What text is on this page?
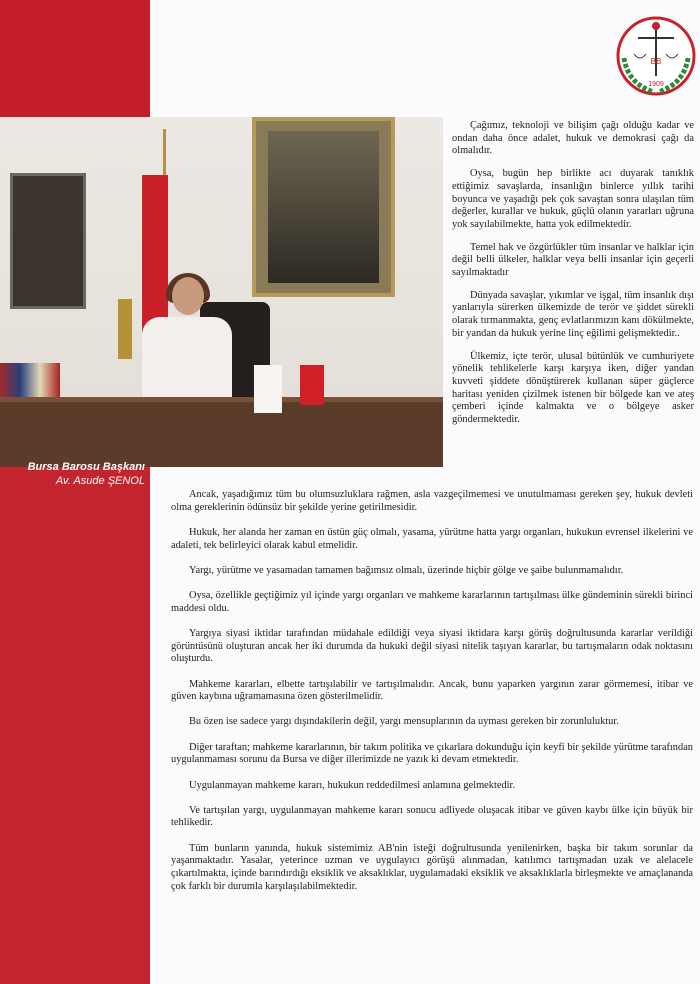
BB
1909

Çağımız, teknoloji ve bilişim çağı olduğu kadar ve ondan daha önce adalet, hukuk ve demokrasi çağı da olmalıdır.

Oysa, bugün hep birlikte acı duyarak tanıklık ettiğimiz savaşlarda, insanlığın binlerce yıllık tarihi boyunca ve yaşadığı pek çok savaştan sonra ulaşılan tüm değerler, kurallar ve hukuk, güçlü olanın yararları uğruna yok sayılabilmekte, hatta yok edilmektedir.

Temel hak ve özgürlükler tüm insanlar ve halklar için değil belli ülkeler, halklar veya belli insanlar için geçerli sayılmaktadır

Dünyada savaşlar, yıkımlar ve işgal, tüm insanlık dışı yanlarıyla sürerken ülkemizde de terör ve şiddet sürekli olarak tırmanmakta, genç evlatlarımızın kanı dökülmekte, bir yandan da hukuk yerine linç eğilimi gelişmektedir..

Ülkemiz, içte terör, ulusal bütünlük ve cumhuriyete yönelik tehlikelerle karşı karşıya iken, diğer yandan kuvveti şiddete dönüştürerek kullanan süper güçlerce haritası yeniden çizilmek istenen bir bölgede kan ve ateş çemberi içinde kalmakta ve o bölgeye asker göndermektedir.

Bursa Barosu Başkanı
Av. Asude ŞENOL

Ancak, yaşadığımız tüm bu olumsuzluklara rağmen, asla vazgeçilmemesi ve unutulmaması gereken şey, hukuk devleti olma gereklerinin ödünsüz bir şekilde yerine getirilmesidir.

Hukuk, her alanda her zaman en üstün güç olmalı, yasama, yürütme hatta yargı organları, hukukun evrensel ilkelerini ve adaleti, tek belirleyici olarak kabul etmelidir.

Yargı, yürütme ve yasamadan tamamen bağımsız olmalı, üzerinde hiçbir gölge ve şaibe bulunmamalıdır.

Oysa, özellikle geçtiğimiz yıl içinde yargı organları ve mahkeme kararlarının tartışılması ülke gündeminin sürekli birinci maddesi oldu.

Yargıya siyasi iktidar tarafından müdahale edildiği veya siyasi iktidara karşı görüş doğrultusunda kararlar verildiği görüntüsünü oluşturan ancak her iki durumda da hukuki değil siyasi nitelik taşıyan kararlar, bu tartışmaların odak noktasını oluşturdu.

Mahkeme kararları, elbette tartışılabilir ve tartışılmalıdır. Ancak, bunu yaparken yargının zarar görmemesi, itibar ve güven kaybına uğramamasına özen gösterilmelidir.

Bu özen ise sadece yargı dışındakilerin değil, yargı mensuplarının da uyması gereken bir zorunluluktur.

Diğer taraftan; mahkeme kararlarının, bir takım politika ve çıkarlara dokunduğu için keyfi bir şekilde yürütme tarafından uygulanmaması sorunu da Bursa ve diğer illerimizde ne yazık ki devam etmektedir.

Uygulanmayan mahkeme kararı, hukukun reddedilmesi anlamına gelmektedir.

Ve tartışılan yargı, uygulanmayan mahkeme kararı sonucu adliyede oluşacak itibar ve güven kaybı ülke için büyük bir tehlikedir.

Tüm bunların yanında, hukuk sistemimiz AB'nin isteği doğrultusunda yenilenirken, başka bir takım sorunlar da yaşanmaktadır. Yasalar, yeterince uzman ve uygulayıcı görüşü alınmadan, katılımcı tartışmadan uzak ve alelacele çıkartılmakta, içinde barındırdığı eksiklik ve aksaklıklar, uygulamadaki eksiklik ve aksaklıklarla birleşmekte ve amaçlananda çok farklı bir durumla karşılaşılabilmektedir.
